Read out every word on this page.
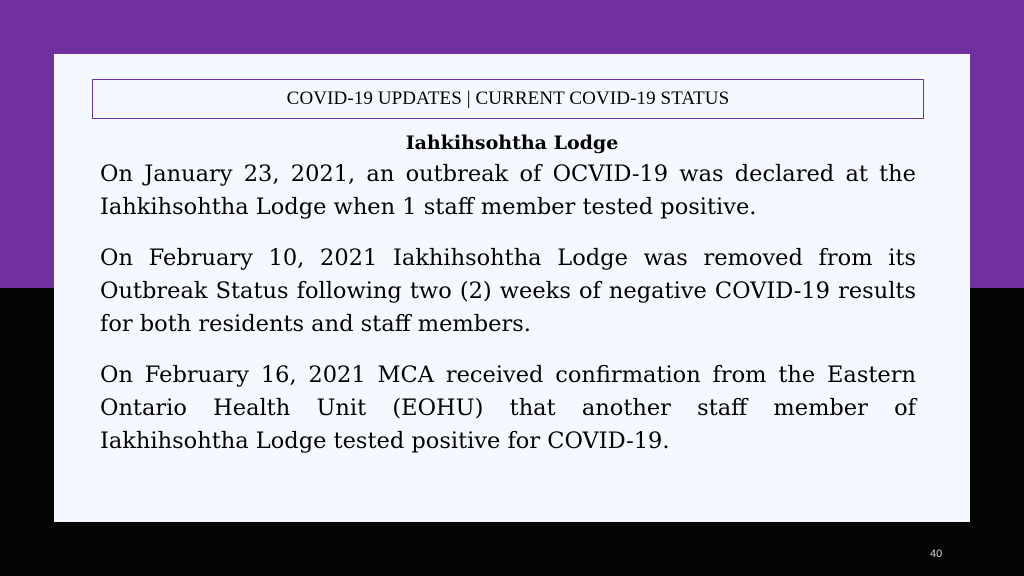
COVID-19 UPDATES | CURRENT COVID-19 STATUS
Iahkihsohtha Lodge

On January 23, 2021, an outbreak of OCVID-19 was declared at the Iahkihsohtha Lodge when 1 staff member tested positive.

On February 10, 2021 Iakhihsohtha Lodge was removed from its Outbreak Status following two (2) weeks of negative COVID-19 results for both residents and staff members.

On February 16, 2021 MCA received confirmation from the Eastern Ontario Health Unit (EOHU) that another staff member of Iakhihsohtha Lodge tested positive for COVID-19.

40
